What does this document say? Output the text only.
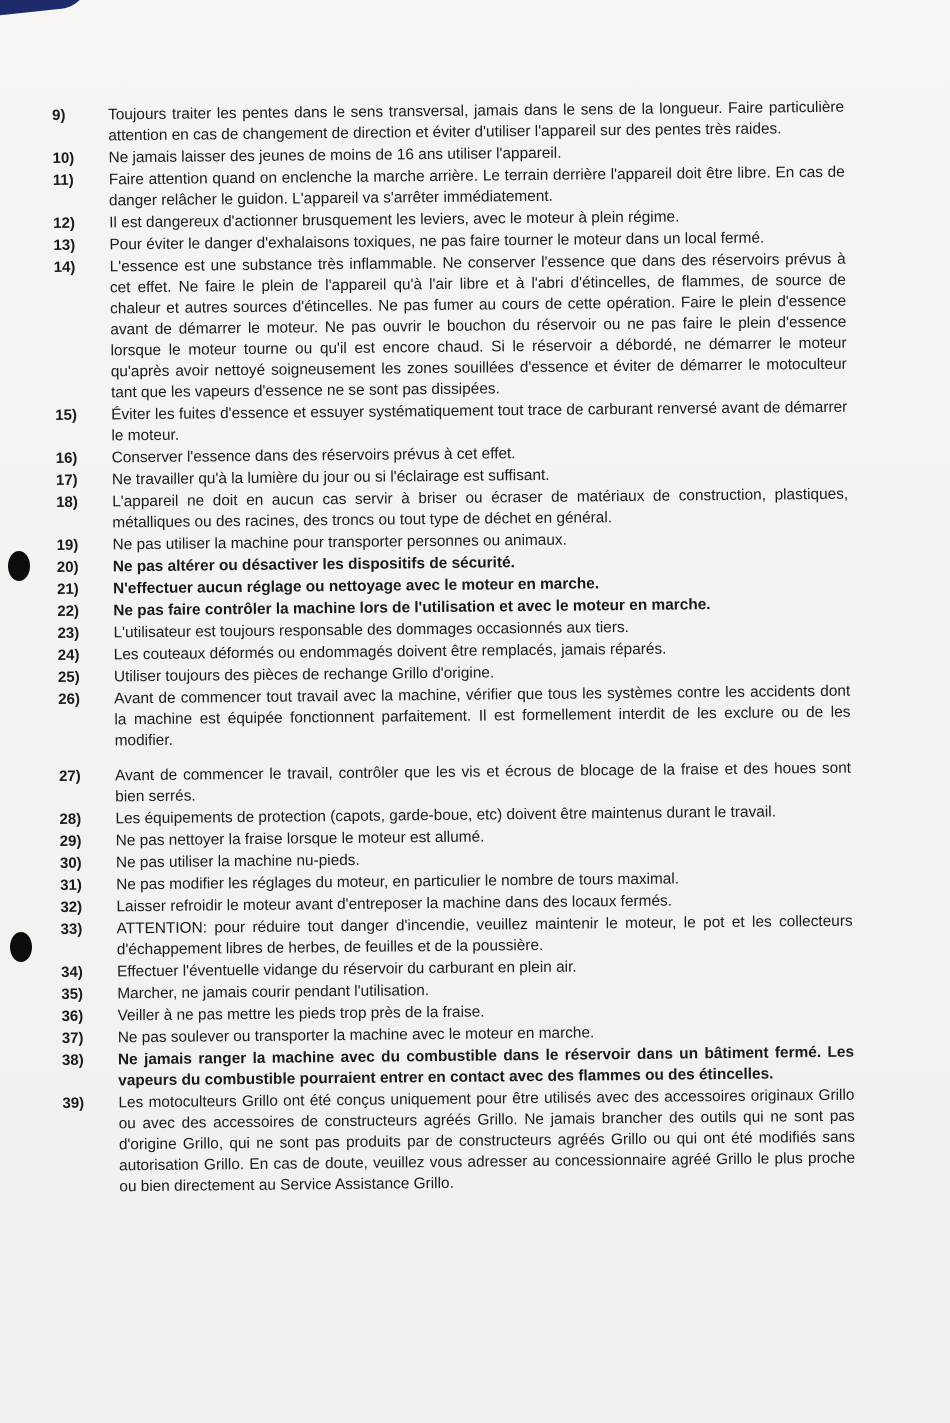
9)	Toujours traiter les pentes dans le sens transversal, jamais dans le sens de la longueur. Faire particulière attention en cas de changement de direction et éviter d'utiliser l'appareil sur des pentes très raides.
10)	Ne jamais laisser des jeunes de moins de 16 ans utiliser l'appareil.
11)	Faire attention quand on enclenche la marche arrière. Le terrain derrière l'appareil doit être libre. En cas de danger relâcher le guidon. L'appareil va s'arrêter immédiatement.
12)	Il est dangereux d'actionner brusquement les leviers, avec le moteur à plein régime.
13)	Pour éviter le danger d'exhalaisons toxiques, ne pas faire tourner le moteur dans un local fermé.
14)	L'essence est une substance très inflammable. Ne conserver l'essence que dans des réservoirs prévus à cet effet. Ne faire le plein de l'appareil qu'à l'air libre et à l'abri d'étincelles, de flammes, de source de chaleur et autres sources d'étincelles. Ne pas fumer au cours de cette opération. Faire le plein d'essence avant de démarrer le moteur. Ne pas ouvrir le bouchon du réservoir ou ne pas faire le plein d'essence lorsque le moteur tourne ou qu'il est encore chaud. Si le réservoir a débordé, ne démarrer le moteur qu'après avoir nettoyé soigneusement les zones souillées d'essence et éviter de démarrer le motoculteur tant que les vapeurs d'essence ne se sont pas dissipées.
15)	Éviter les fuites d'essence et essuyer systématiquement tout trace de carburant renversé avant de démarrer le moteur.
16)	Conserver l'essence dans des réservoirs prévus à cet effet.
17)	Ne travailler qu'à la lumière du jour ou si l'éclairage est suffisant.
18)	L'appareil ne doit en aucun cas servir à briser ou écraser de matériaux de construction, plastiques, métalliques ou des racines, des troncs ou tout type de déchet en général.
19)	Ne pas utiliser la machine pour transporter personnes ou animaux.
20)	Ne pas altérer ou désactiver les dispositifs de sécurité.
21)	N'effectuer aucun réglage ou nettoyage avec le moteur en marche.
22)	Ne pas faire contrôler la machine lors de l'utilisation et avec le moteur en marche.
23)	L'utilisateur est toujours responsable des dommages occasionnés aux tiers.
24)	Les couteaux déformés ou endommagés doivent être remplacés, jamais réparés.
25)	Utiliser toujours des pièces de rechange Grillo d'origine.
26)	Avant de commencer tout travail avec la machine, vérifier que tous les systèmes contre les accidents dont la machine est équipée fonctionnent parfaitement. Il est formellement interdit de les exclure ou de les modifier.
27)	Avant de commencer le travail, contrôler que les vis et écrous de blocage de la fraise et des houes sont bien serrés.
28)	Les équipements de protection (capots, garde-boue, etc) doivent être maintenus durant le travail.
29)	Ne pas nettoyer la fraise lorsque le moteur est allumé.
30)	Ne pas utiliser la machine nu-pieds.
31)	Ne pas modifier les réglages du moteur, en particulier le nombre de tours maximal.
32)	Laisser refroidir le moteur avant d'entreposer la machine dans des locaux fermés.
33)	ATTENTION: pour réduire tout danger d'incendie, veuillez maintenir le moteur, le pot et les collecteurs d'échappement libres de herbes, de feuilles et de la poussière.
34)	Effectuer l'éventuelle vidange du réservoir du carburant en plein air.
35)	Marcher, ne jamais courir pendant l'utilisation.
36)	Veiller à ne pas mettre les pieds trop près de la fraise.
37)	Ne pas soulever ou transporter la machine avec le moteur en marche.
38)	Ne jamais ranger la machine avec du combustible dans le réservoir dans un bâtiment fermé. Les vapeurs du combustible pourraient entrer en contact avec des flammes ou des étincelles.
39)	Les motoculteurs Grillo ont été conçus uniquement pour être utilisés avec des accessoires originaux Grillo ou avec des accessoires de constructeurs agréés Grillo. Ne jamais brancher des outils qui ne sont pas d'origine Grillo, qui ne sont pas produits par de constructeurs agréés Grillo ou qui ont été modifiés sans autorisation Grillo. En cas de doute, veuillez vous adresser au concessionnaire agréé Grillo le plus proche ou bien directement au Service Assistance Grillo.
